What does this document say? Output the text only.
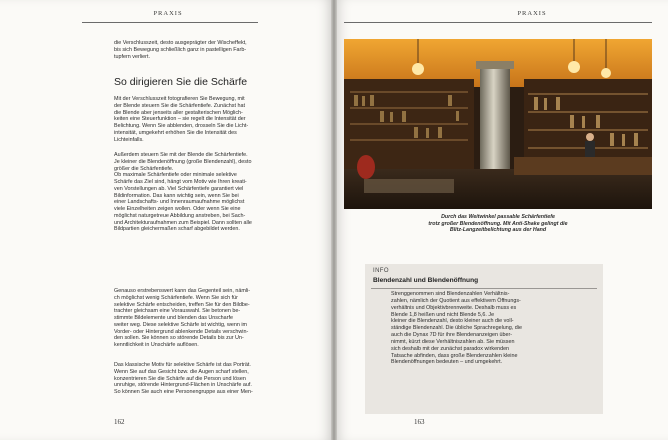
PRAXIS	PRAXIS
die Verschlusszeit, desto ausgeprägter der Wischeffekt,
bis sich Bewegung schließlich ganz in pastelligen Farb-
tupfern verliert.
So dirigieren Sie die Schärfe
Mit der Verschlusszeit fotografieren Sie Bewegung, mit
der Blende steuern Sie die Schärfentiefe. Zunächst hat
die Blende aber jenseits aller gestalterischen Möglich-
keiten eine Steuerfunktion – sie regelt die Intensität der
Belichtung. Wenn Sie abblenden, drosseln Sie die Licht-
intensität, umgekehrt erhöhen Sie die Intensität des
Lichteinfalls.
Außerdem steuern Sie mit der Blende die Schärfentiefe.
Je kleiner die Blendenöffnung (große Blendenzahl), desto
größer die Schärfentiefe.
Ob maximale Schärfentiefe oder minimale selektive
Schärfe das Ziel sind, hängt vom Motiv wie Ihren kreati-
ven Vorstellungen ab. Viel Schärfentiefe garantiert viel
Bildinformation. Das kann wichtig sein, wenn Sie bei
einer Landschafts- und Innenraumaufnahme möglichst
viele Einzelheiten zeigen wollen. Oder wenn Sie eine
möglichst naturgetreue Abbildung anstreben, bei Sach-
und Architekturaufnahmen zum Beispiel. Dann sollten alle
Bildpartien gleichermaßen scharf abgebildet werden.
Genauso erstrebenswert kann das Gegenteil sein, nämli-
ch möglichst wenig Schärfentiefe. Wenn Sie sich für
selektive Schärfe entscheiden, treffen Sie für den Bildbe-
trachter gleichsam eine Vorauswahl. Sie betonen be-
stimmte Bildelemente und blenden das Unscharfe
weiter weg. Diese selektive Schärfe ist wichtig, wenn im
Vorder- oder Hintergrund ablenkende Details verschwin-
den sollen. Sie können so störende Details bis zur Un-
kenntlichkeit in Unschärfe auflösen.
Das klassische Motiv für selektive Schärfe ist das Porträt.
Wenn Sie auf das Gesicht bzw. die Augen scharf stellen,
konzentrieren Sie die Schärfe auf die Person und lösen
unruhige, störende Hintergrund-Flächen in Unschärfe auf.
So können Sie auch eine Personengruppe aus einer Men-
162
Durch das Weitwinkel passable Schärfentiefe
trotz großer Blendenöffnung. Mit Anti-Shake gelingt die
Blitz-Langzeitbelichtung aus der Hand
INFO
Blendenzahl und Blendenöffnung
Strenggenommen sind Blendenzahlen Verhältnis-
zahlen, nämlich der Quotient aus effektivem Öffnungs-
verhältnis und Objektivbrennweite. Deshalb muss es
Blende 1,8 heißen und nicht Blende 5,6. Je
kleiner die Blendenzahl, desto kleiner auch die voll-
ständige Blendenzahl. Die übliche Sprachregelung, die
auch die Dynax 7D für ihre Blendenanzeigen über-
nimmt, kürzt diese Verhältniszahlen ab. Sie müssen
sich deshalb mit der zunächst paradox wirkenden
Tatsache abfinden, dass große Blendenzahlen kleine
Blendenöffnungen bedeuten – und umgekehrt.
163
